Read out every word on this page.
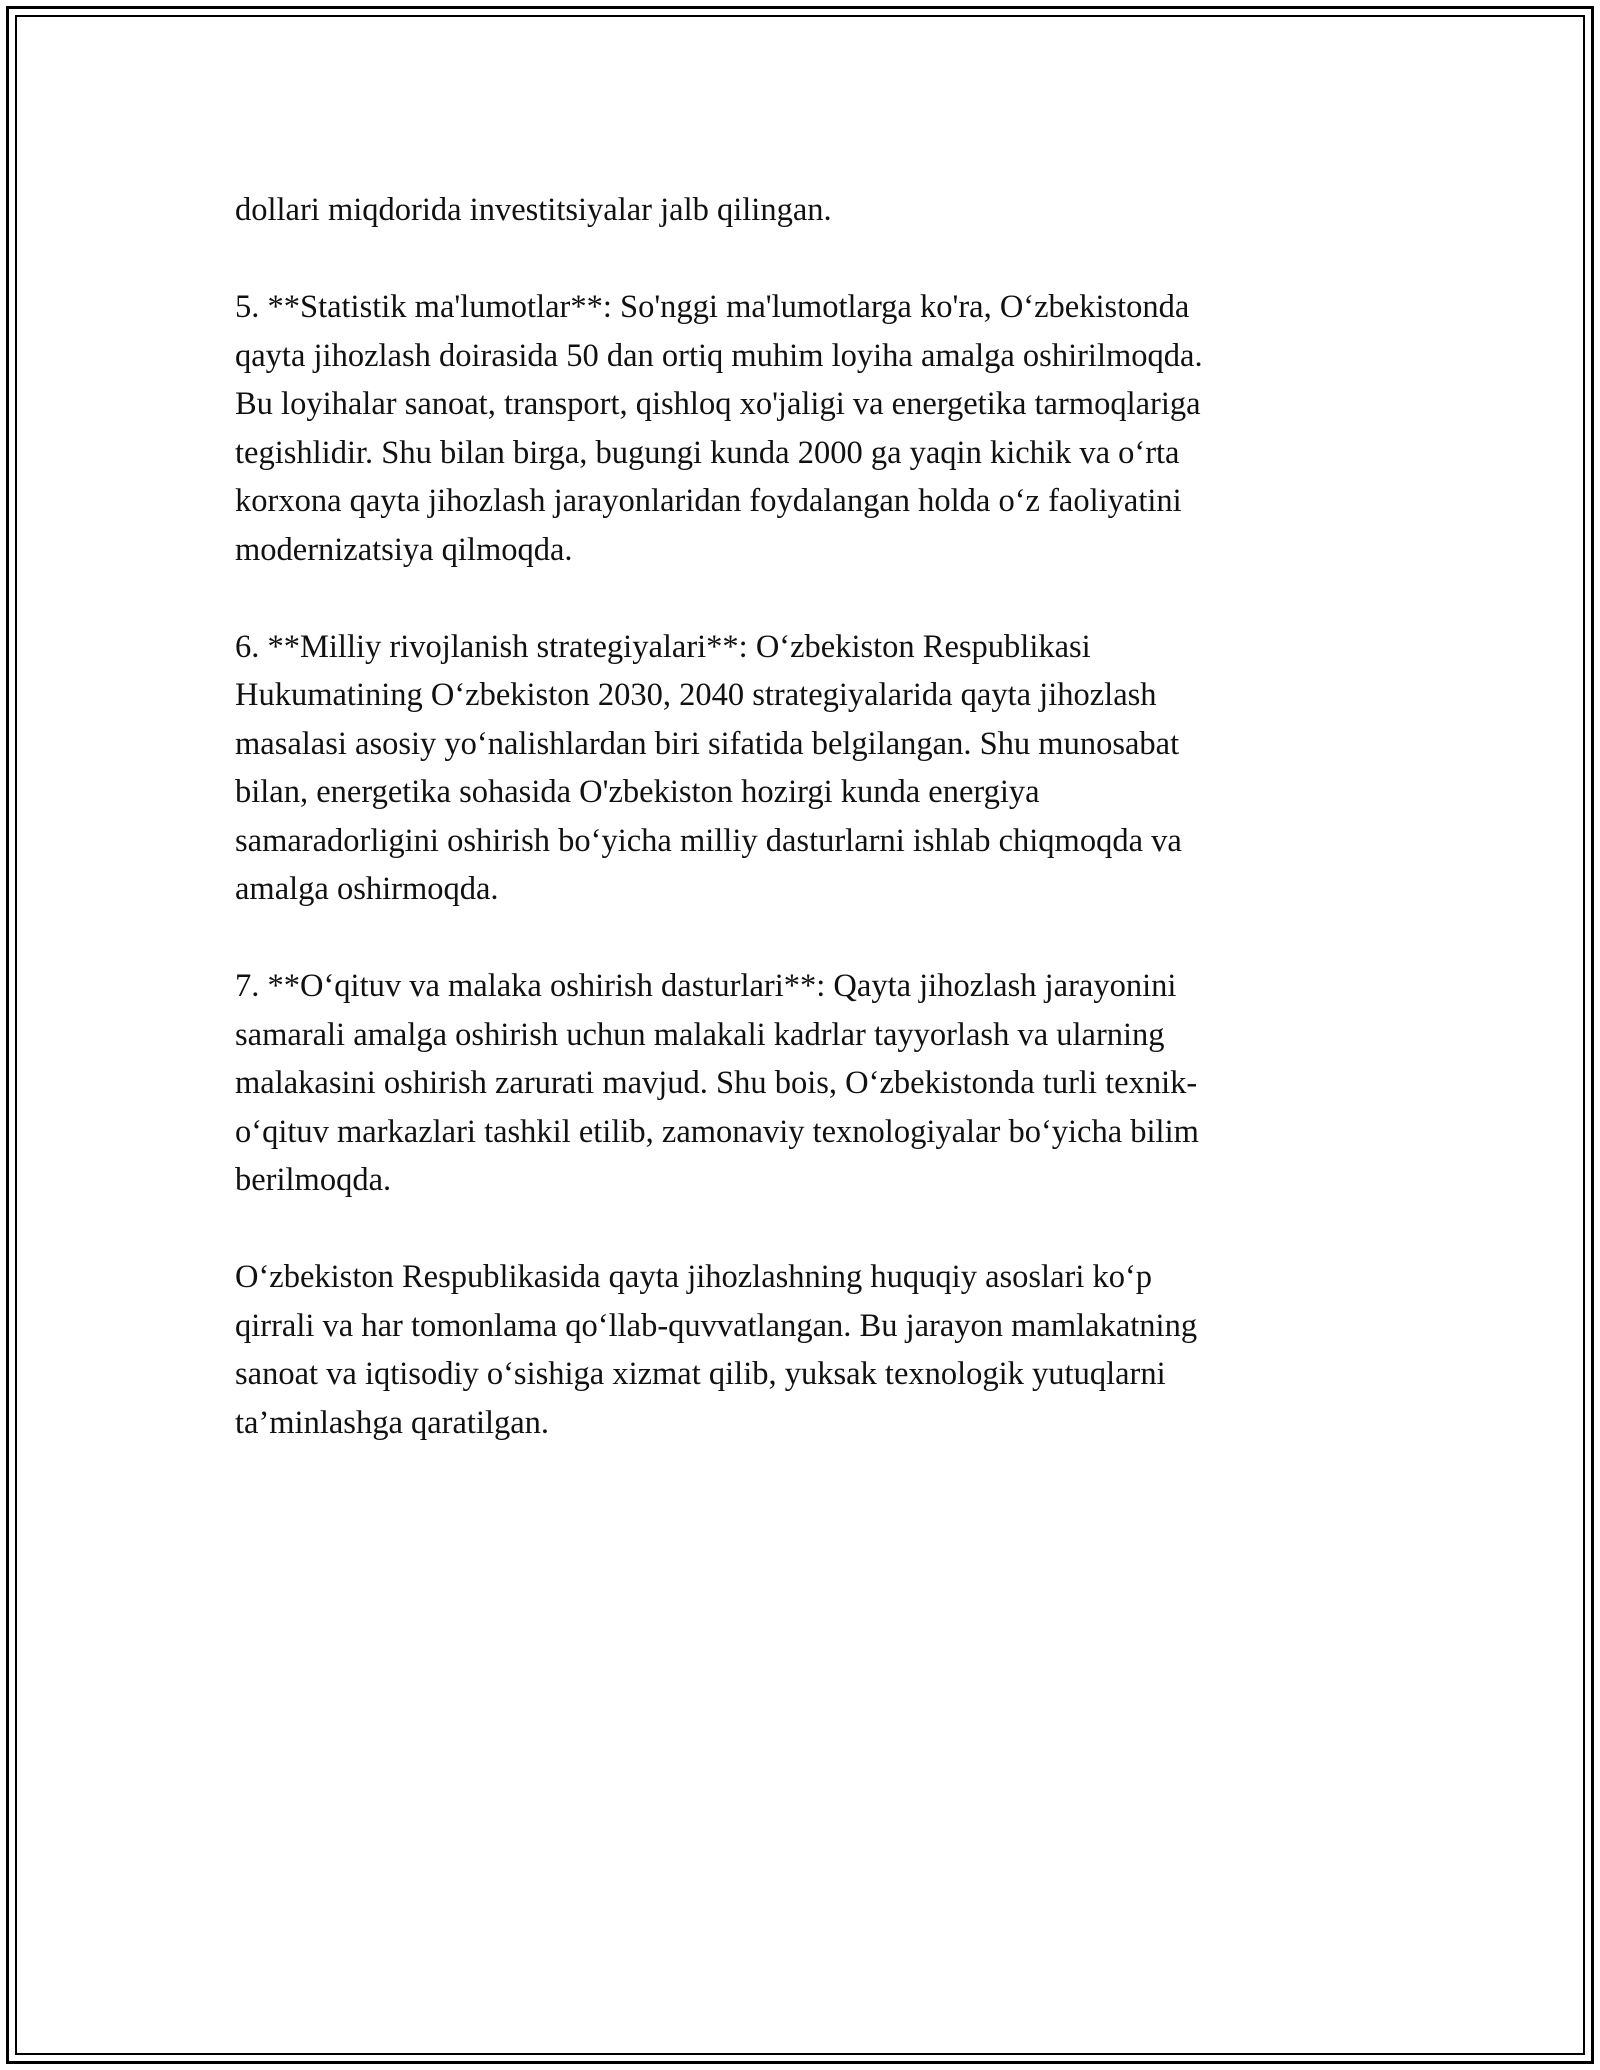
dollari miqdorida investitsiyalar jalb qilingan.

5. **Statistik ma'lumotlar**: So'nggi ma'lumotlarga ko'ra, O‘zbekistonda
qayta jihozlash doirasida 50 dan ortiq muhim loyiha amalga oshirilmoqda.
Bu loyihalar sanoat, transport, qishloq xo'jaligi va energetika tarmoqlariga
tegishlidir. Shu bilan birga, bugungi kunda 2000 ga yaqin kichik va o‘rta
korxona qayta jihozlash jarayonlaridan foydalangan holda o‘z faoliyatini
modernizatsiya qilmoqda.

6. **Milliy rivojlanish strategiyalari**: O‘zbekiston Respublikasi
Hukumatining O‘zbekiston 2030, 2040 strategiyalarida qayta jihozlash
masalasi asosiy yo‘nalishlardan biri sifatida belgilangan. Shu munosabat
bilan, energetika sohasida O'zbekiston hozirgi kunda energiya
samaradorligini oshirish bo‘yicha milliy dasturlarni ishlab chiqmoqda va
amalga oshirmoqda.

7. **O‘qituv va malaka oshirish dasturlari**: Qayta jihozlash jarayonini
samarali amalga oshirish uchun malakali kadrlar tayyorlash va ularning
malakasini oshirish zarurati mavjud. Shu bois, O‘zbekistonda turli texnik-
o‘qituv markazlari tashkil etilib, zamonaviy texnologiyalar bo‘yicha bilim
berilmoqda.

O‘zbekiston Respublikasida qayta jihozlashning huquqiy asoslari ko‘p
qirrali va har tomonlama qo‘llab-quvvatlangan. Bu jarayon mamlakatning
sanoat va iqtisodiy o‘sishiga xizmat qilib, yuksak texnologik yutuqlarni
ta’minlashga qaratilgan.
